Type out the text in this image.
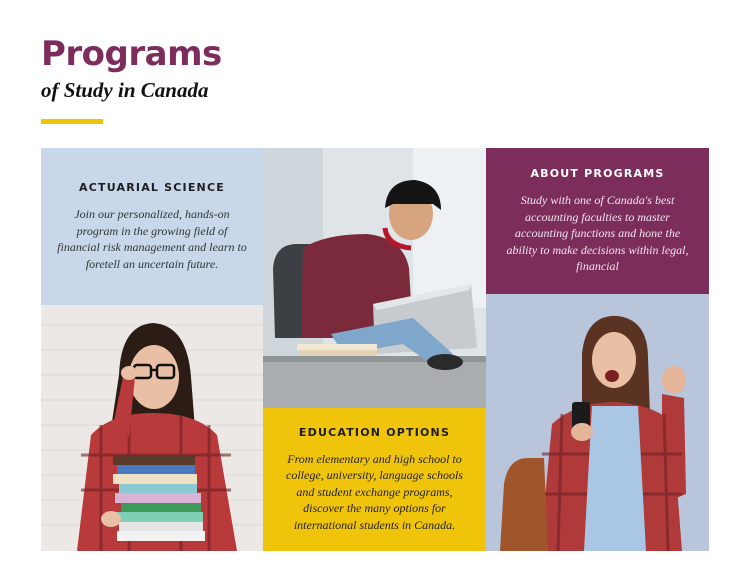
Programs
of Study in Canada
ACTUARIAL SCIENCE

Join our personalized, hands-on program in the growing field of financial risk management and learn to foretell an uncertain future.

ABOUT PROGRAMS

Study with one of Canada's best accounting faculties to master accounting functions and hone the ability to make decisions within legal, financial

EDUCATION OPTIONS

From elementary and high school to college, university, language schools and student exchange programs, discover the many options for international students in Canada.
